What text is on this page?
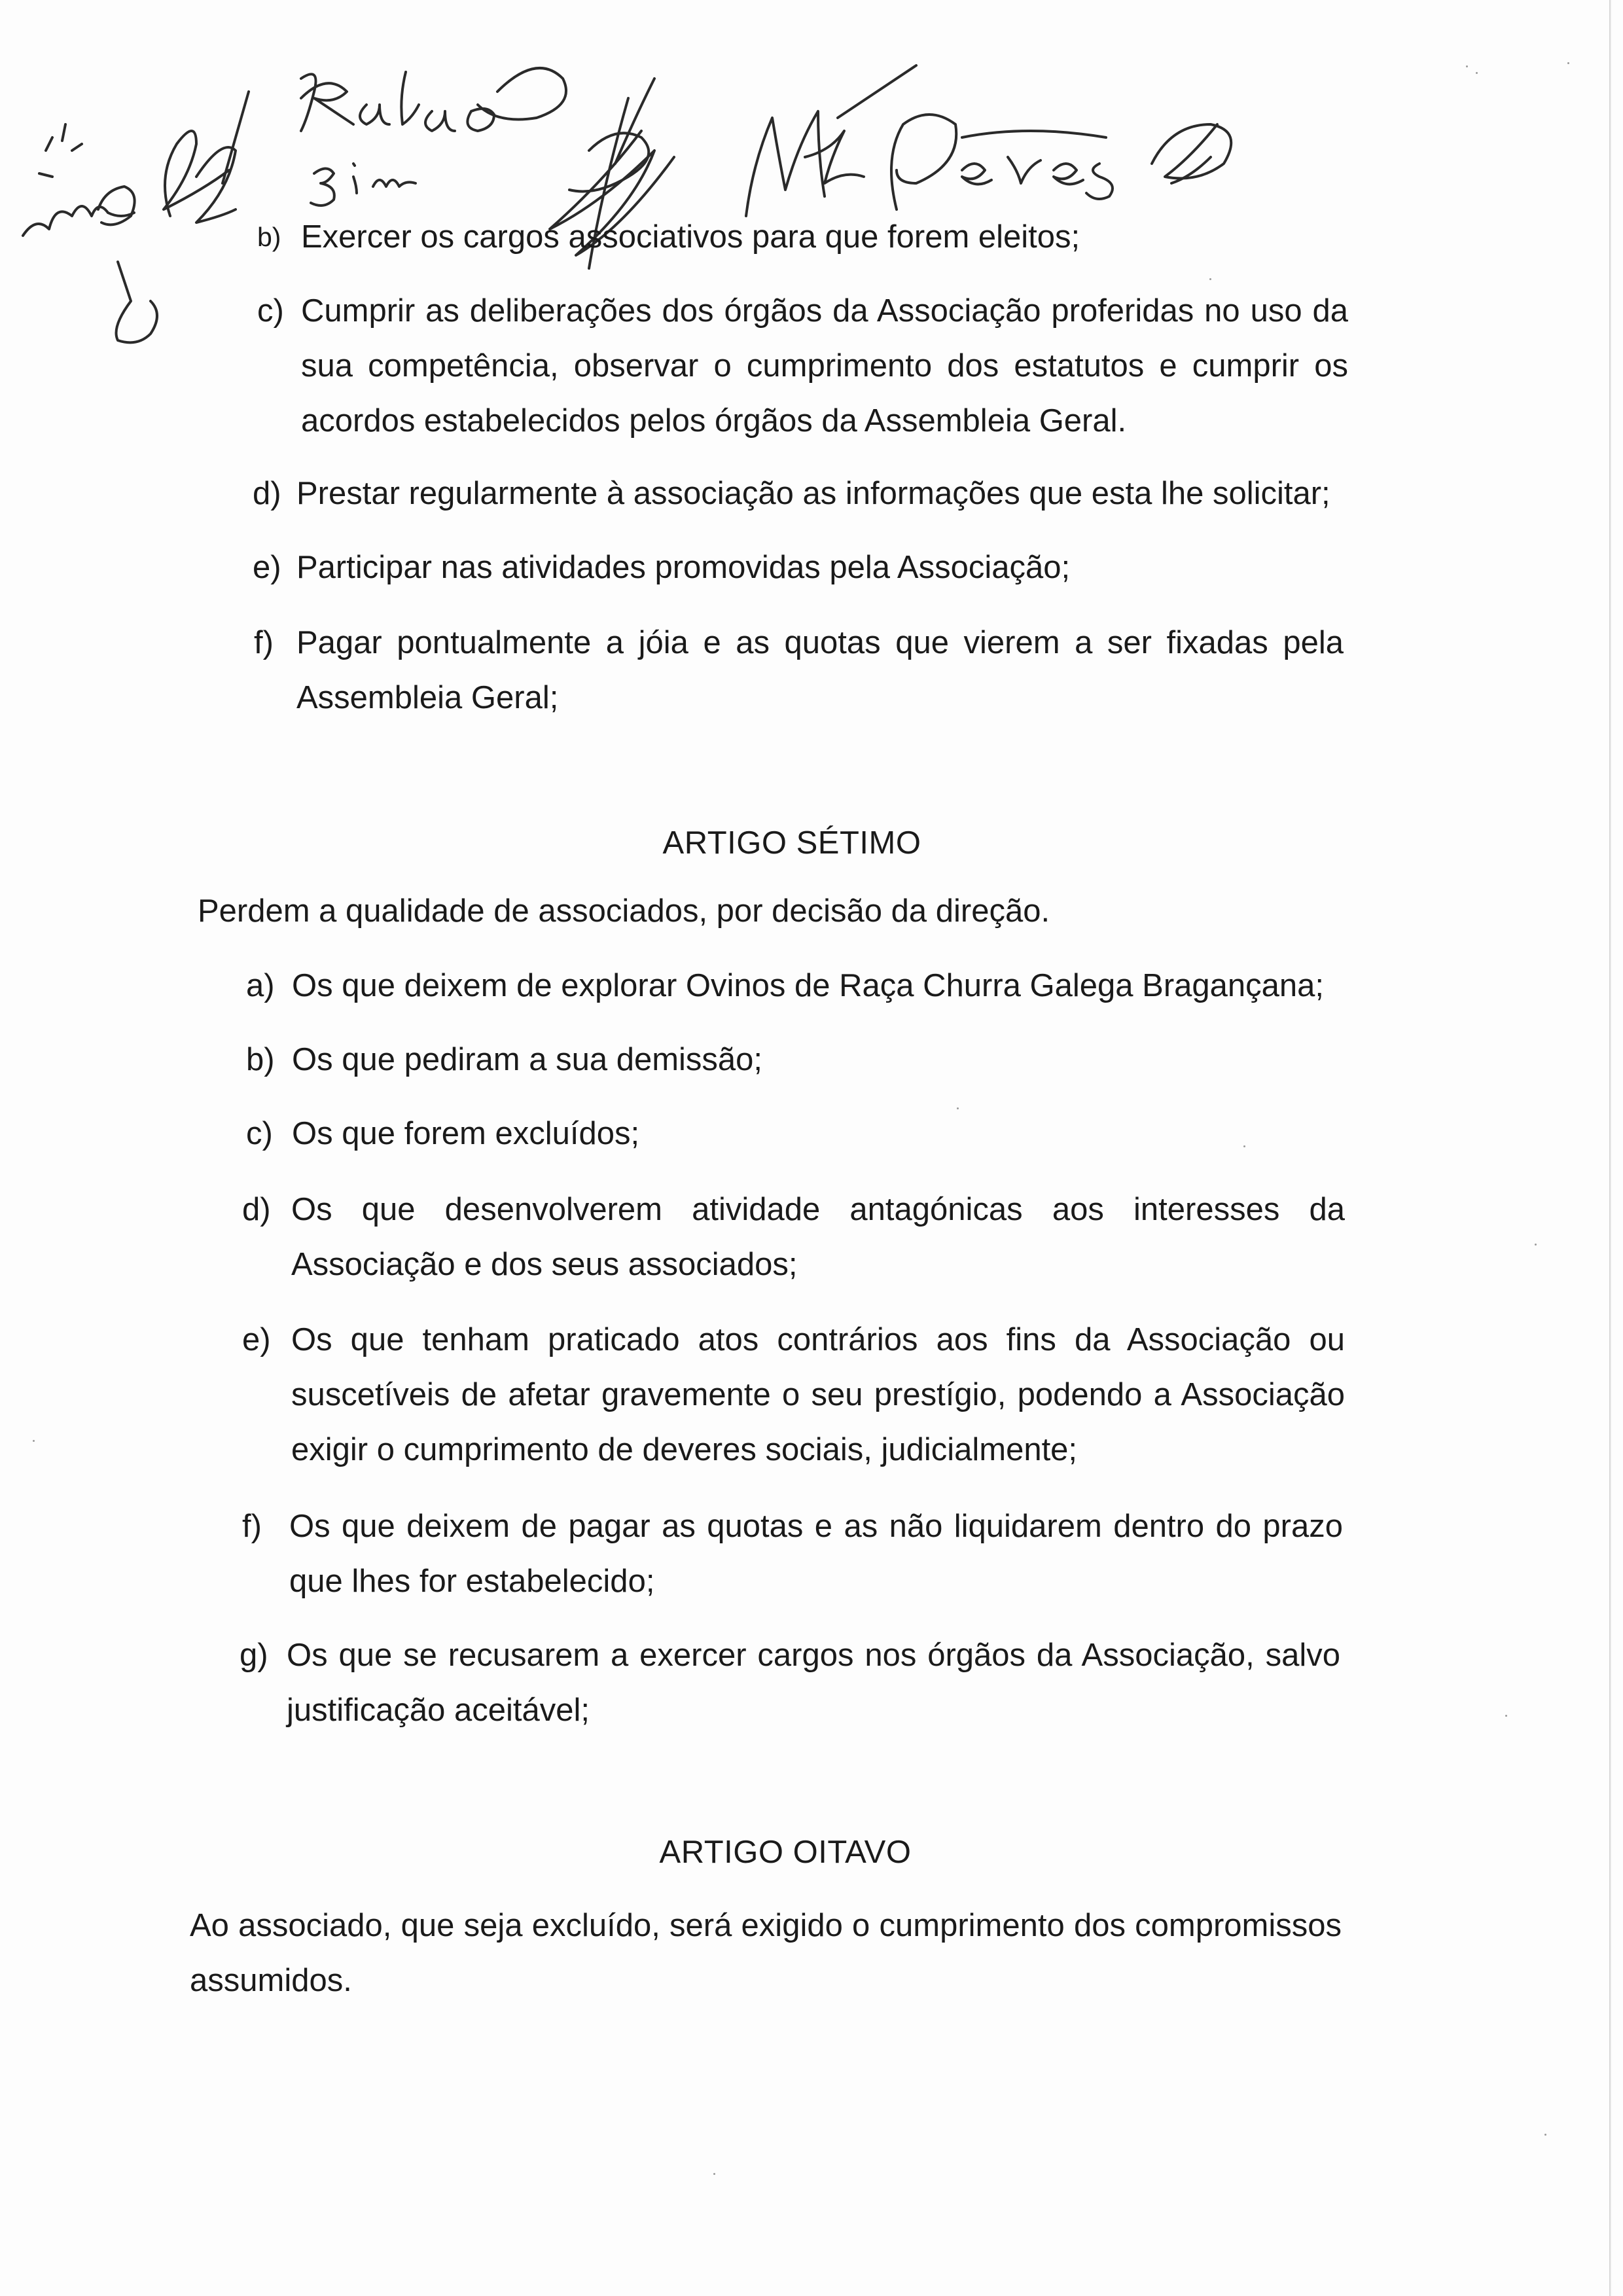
b) Exercer os cargos associativos para que forem eleitos;
c) Cumprir as deliberações dos órgãos da Associação proferidas no uso da sua competência, observar o cumprimento dos estatutos e cumprir os acordos estabelecidos pelos órgãos da Assembleia Geral.
d) Prestar regularmente à associação as informações que esta lhe solicitar;
e) Participar nas atividades promovidas pela Associação;
f) Pagar pontualmente a jóia e as quotas que vierem a ser fixadas pela Assembleia Geral;
ARTIGO SÉTIMO
Perdem a qualidade de associados, por decisão da direção.
a) Os que deixem de explorar Ovinos de Raça Churra Galega Bragançana;
b) Os que pediram a sua demissão;
c) Os que forem excluídos;
d) Os que desenvolverem atividade antagónicas aos interesses da Associação e dos seus associados;
e) Os que tenham praticado atos contrários aos fins da Associação ou suscetíveis de afetar gravemente o seu prestígio, podendo a Associação exigir o cumprimento de deveres sociais, judicialmente;
f) Os que deixem de pagar as quotas e as não liquidarem dentro do prazo que lhes for estabelecido;
g) Os que se recusarem a exercer cargos nos órgãos da Associação, salvo justificação aceitável;
ARTIGO OITAVO
Ao associado, que seja excluído, será exigido o cumprimento dos compromissos assumidos.
